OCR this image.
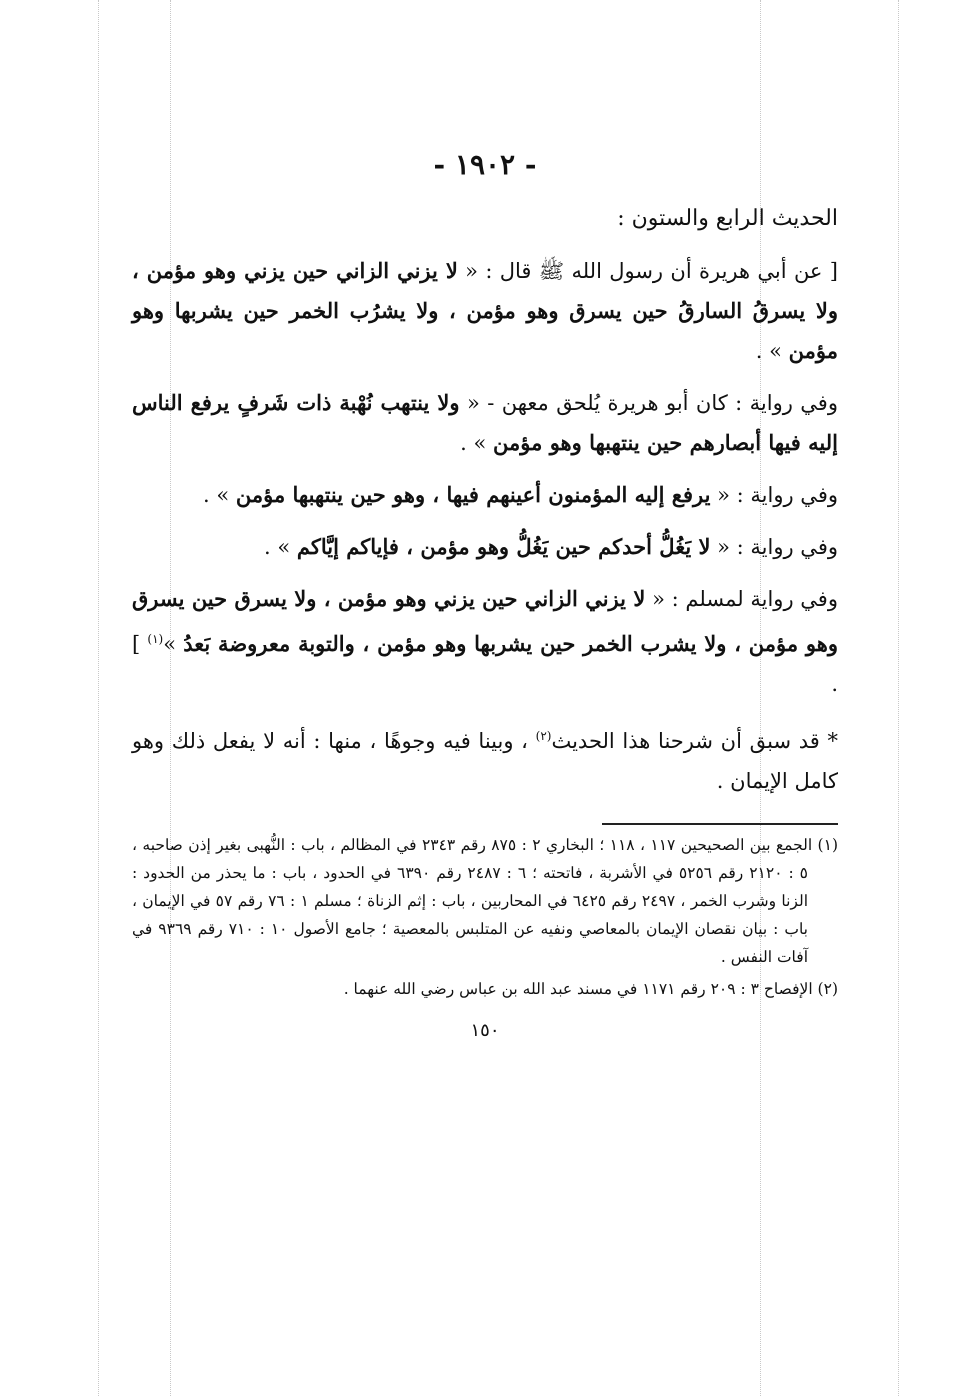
- ١٩٠٢ -
الحديث الرابع والستون :

[ عن أبي هريرة أن رسول الله ﷺ قال : « لا يزني الزاني حين يزني وهو مؤمن ، ولا يسرقُ السارقُ حين يسرق وهو مؤمن ، ولا يشرُب الخمر حين يشربها وهو مؤمن » .

وفي رواية : كان أبو هريرة يُلحق معهن - « ولا ينتهب نُهْبة ذات شَرفٍ يرفع الناس إليه فيها أبصارهم حين ينتهبها وهو مؤمن » .

وفي رواية : « يرفع إليه المؤمنون أعينهم فيها ، وهو حين ينتهبها مؤمن » .

وفي رواية : « لا يَغُلُّ أحدكم حين يَغُلُّ وهو مؤمن ، فإياكم إيَّاكم » .

وفي رواية لمسلم : « لا يزني الزاني حين يزني وهو مؤمن ، ولا يسرق حين يسرق وهو مؤمن ، ولا يشرب الخمر حين يشربها وهو مؤمن ، والتوبة معروضة بَعدُ »$^{(١)}$ ] .

* قد سبق أن شرحنا هذا الحديث$^{(٢)}$ ، وبينا فيه وجوهًا ، منها : أنه لا يفعل ذلك وهو كامل الإيمان .

(١) الجمع بين الصحيحين ١١٧ ، ١١٨ ؛ البخاري ٢ : ٨٧٥ رقم ٢٣٤٣ في المظالم ، باب : النُّهبى بغير إذن صاحبه ، ٥ : ٢١٢٠ رقم ٥٢٥٦ في الأشربة ، فاتحته ؛ ٦ : ٢٤٨٧ رقم ٦٣٩٠ في الحدود ، باب : ما يحذر من الحدود : الزنا وشرب الخمر ، ٢٤٩٧ رقم ٦٤٢٥ في المحاربين ، باب : إثم الزناة ؛ مسلم ١ : ٧٦ رقم ٥٧ في الإيمان ، باب : بيان نقصان الإيمان بالمعاصي ونفيه عن المتلبس بالمعصية ؛ جامع الأصول ١٠ : ٧١٠ رقم ٩٣٦٩ في آفات النفس .

(٢) الإفصاح ٣ : ٢٠٩ رقم ١١٧١ في مسند عبد الله بن عباس رضي الله عنهما .

١٥٠
